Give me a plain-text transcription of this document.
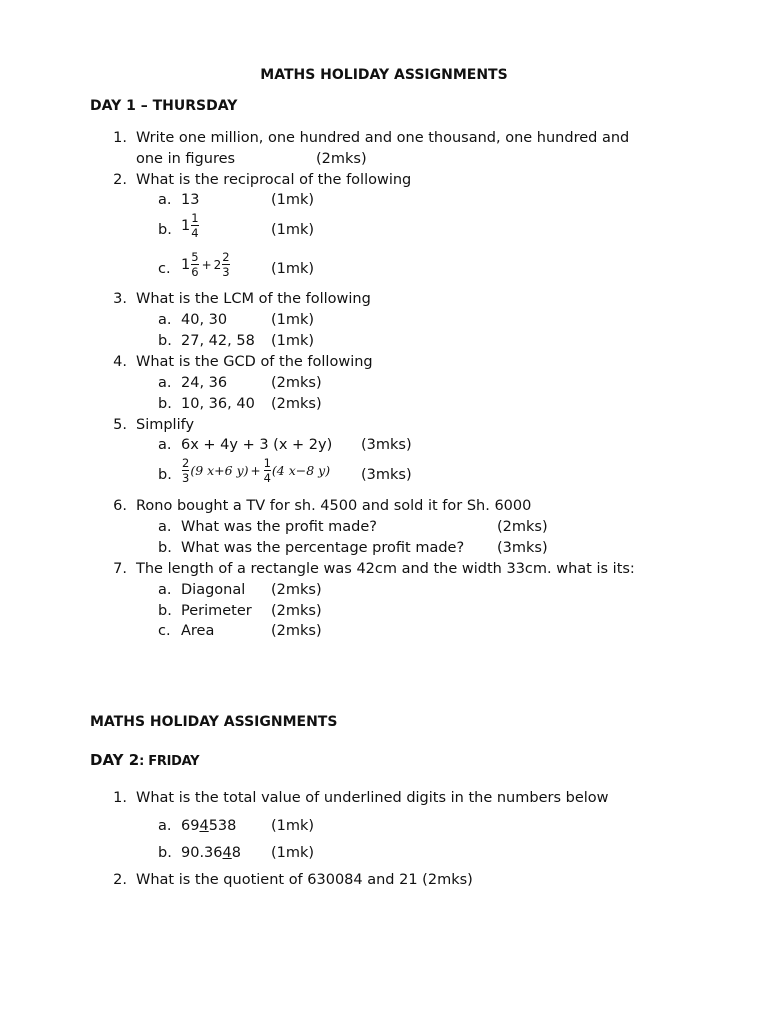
MATHS HOLIDAY ASSIGNMENTS
DAY 1 – THURSDAY
1. Write one million, one hundred and one thousand, one hundred and
one in figures	(2mks)
2. What is the reciprocal of the following
a. 13	(1mk)
b. $1 \frac{1}{4}$	(1mk)
c. $1 \frac{5}{6} + 2 \frac{2}{3}$	(1mk)
3. What is the LCM of the following
a. 40, 30	(1mk)
b. 27, 42, 58 (1mk)
4. What is the GCD of the following
a. 24, 36	(2mks)
b. 10, 36, 40 (2mks)
5. Simplify
a. 6x + 4y + 3 (x + 2y) (3mks)
b. $\frac{2}{3} (9$ x+6 $y) + \frac{1}{4} (4$ x−8 y) (3mks)
6. Rono bought a TV for sh. 4500 and sold it for Sh. 6000
a. What was the profit made?	(2mks)
b. What was the percentage profit made? (3mks)
7. The length of a rectangle was 42cm and the width 33cm. what is its:
a. Diagonal (2mks)
b. Perimeter (2mks)
c. Area	(2mks)
MATHS HOLIDAY ASSIGNMENTS
DAY 2: FRIDAY
1. What is the total value of underlined digits in the numbers below
a. 694538 (1mk)
b. 90.3648 (1mk)
2. What is the quotient of 630084 and 21 (2mks)
